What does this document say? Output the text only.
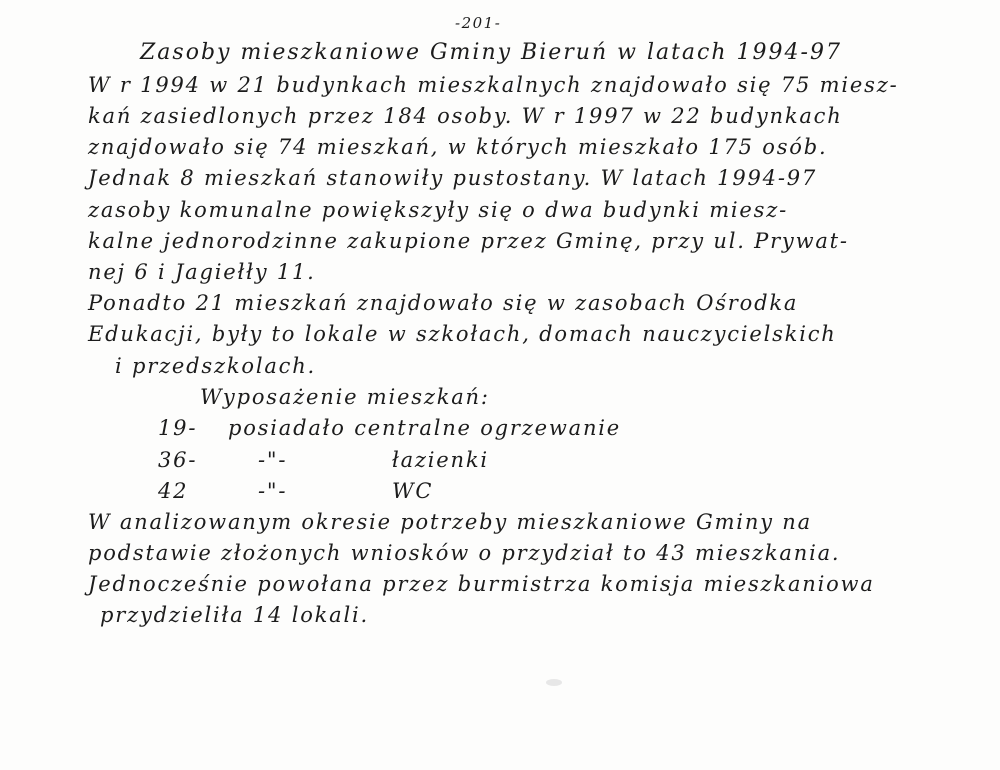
-201-

Zasoby mieszkaniowe Gminy Bieruń w latach 1994-97

W r 1994 w 21 budynkach mieszkalnych znajdowało się 75 miesz-

kań zasiedlonych przez 184 osoby. W r 1997 w 22 budynkach

znajdowało się 74 mieszkań, w których mieszkało 175 osób.

Jednak 8 mieszkań stanowiły pustostany. W latach 1994-97

zasoby komunalne powiększyły się o dwa budynki miesz-

kalne jednorodzinne zakupione przez Gminę, przy ul. Prywat-

nej 6 i Jagiełły 11.

Ponadto 21 mieszkań znajdowało się w zasobach Ośrodka

Edukacji, były to lokale w szkołach, domach nauczycielskich

i przedszkolach.

Wyposażenie mieszkań:

19- posiadało centralne ogrzewanie

36-	-"-	łazienki

42	-"-	WC

W analizowanym okresie potrzeby mieszkaniowe Gminy na

podstawie złożonych wniosków o przydział to 43 mieszkania.

Jednocześnie powołana przez burmistrza komisja mieszkaniowa

przydzieliła 14 lokali.
